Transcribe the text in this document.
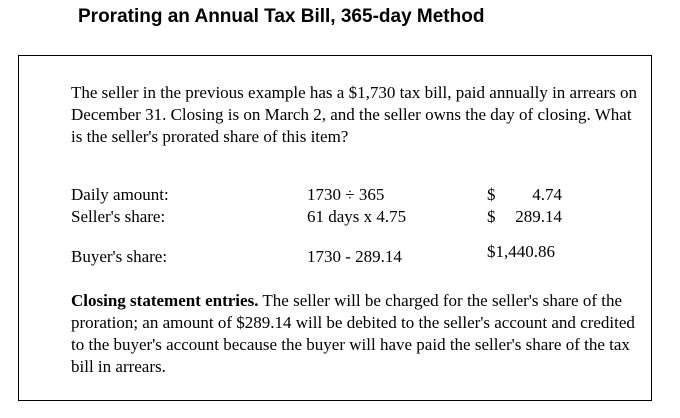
Prorating an Annual Tax Bill, 365-day Method
The seller in the previous example has a $1,730 tax bill, paid annually in arrears on December 31. Closing is on March 2, and the seller owns the day of closing. What is the seller's prorated share of this item?
Daily amount:	1730 ÷ 365	$	4.74
Seller's share:	61 days x 4.75	$	289.14
Buyer's share:	1730 - 289.14	$1,440.86
Closing statement entries. The seller will be charged for the seller's share of the proration; an amount of $289.14 will be debited to the seller's account and credited to the buyer's account because the buyer will have paid the seller's share of the tax bill in arrears.
